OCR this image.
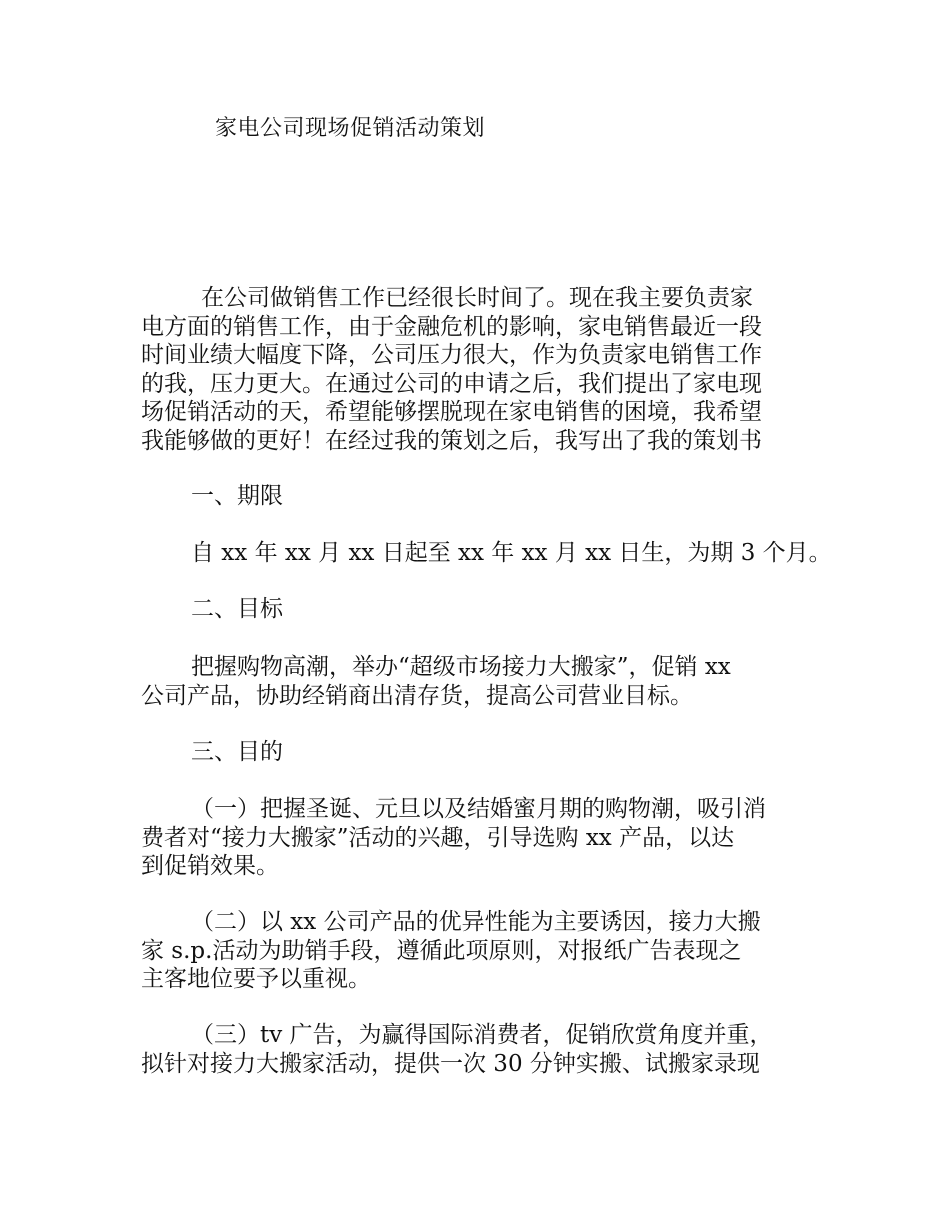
家电公司现场促销活动策划
在公司做销售工作已经很长时间了。现在我主要负责家
电方面的销售工作，由于金融危机的影响，家电销售最近一段
时间业绩大幅度下降，公司压力很大，作为负责家电销售工作
的我，压力更大。在通过公司的申请之后，我们提出了家电现
场促销活动的天，希望能够摆脱现在家电销售的困境，我希望
我能够做的更好！在经过我的策划之后，我写出了我的策划书
一、期限
自 xx 年 xx 月 xx 日起至 xx 年 xx 月 xx 日生，为期 3 个月。
二、目标
把握购物高潮，举办“超级市场接力大搬家”，促销 xx
公司产品，协助经销商出清存货，提高公司营业目标。
三、目的
（一）把握圣诞、元旦以及结婚蜜月期的购物潮，吸引消
费者对“接力大搬家”活动的兴趣，引导选购 xx 产品，以达
到促销效果。
（二）以 xx 公司产品的优异性能为主要诱因，接力大搬
家 s.p.活动为助销手段，遵循此项原则，对报纸广告表现之
主客地位要予以重视。
（三）tv 广告，为赢得国际消费者，促销欣赏角度并重，
拟针对接力大搬家活动，提供一次 30 分钟实搬、试搬家录现
